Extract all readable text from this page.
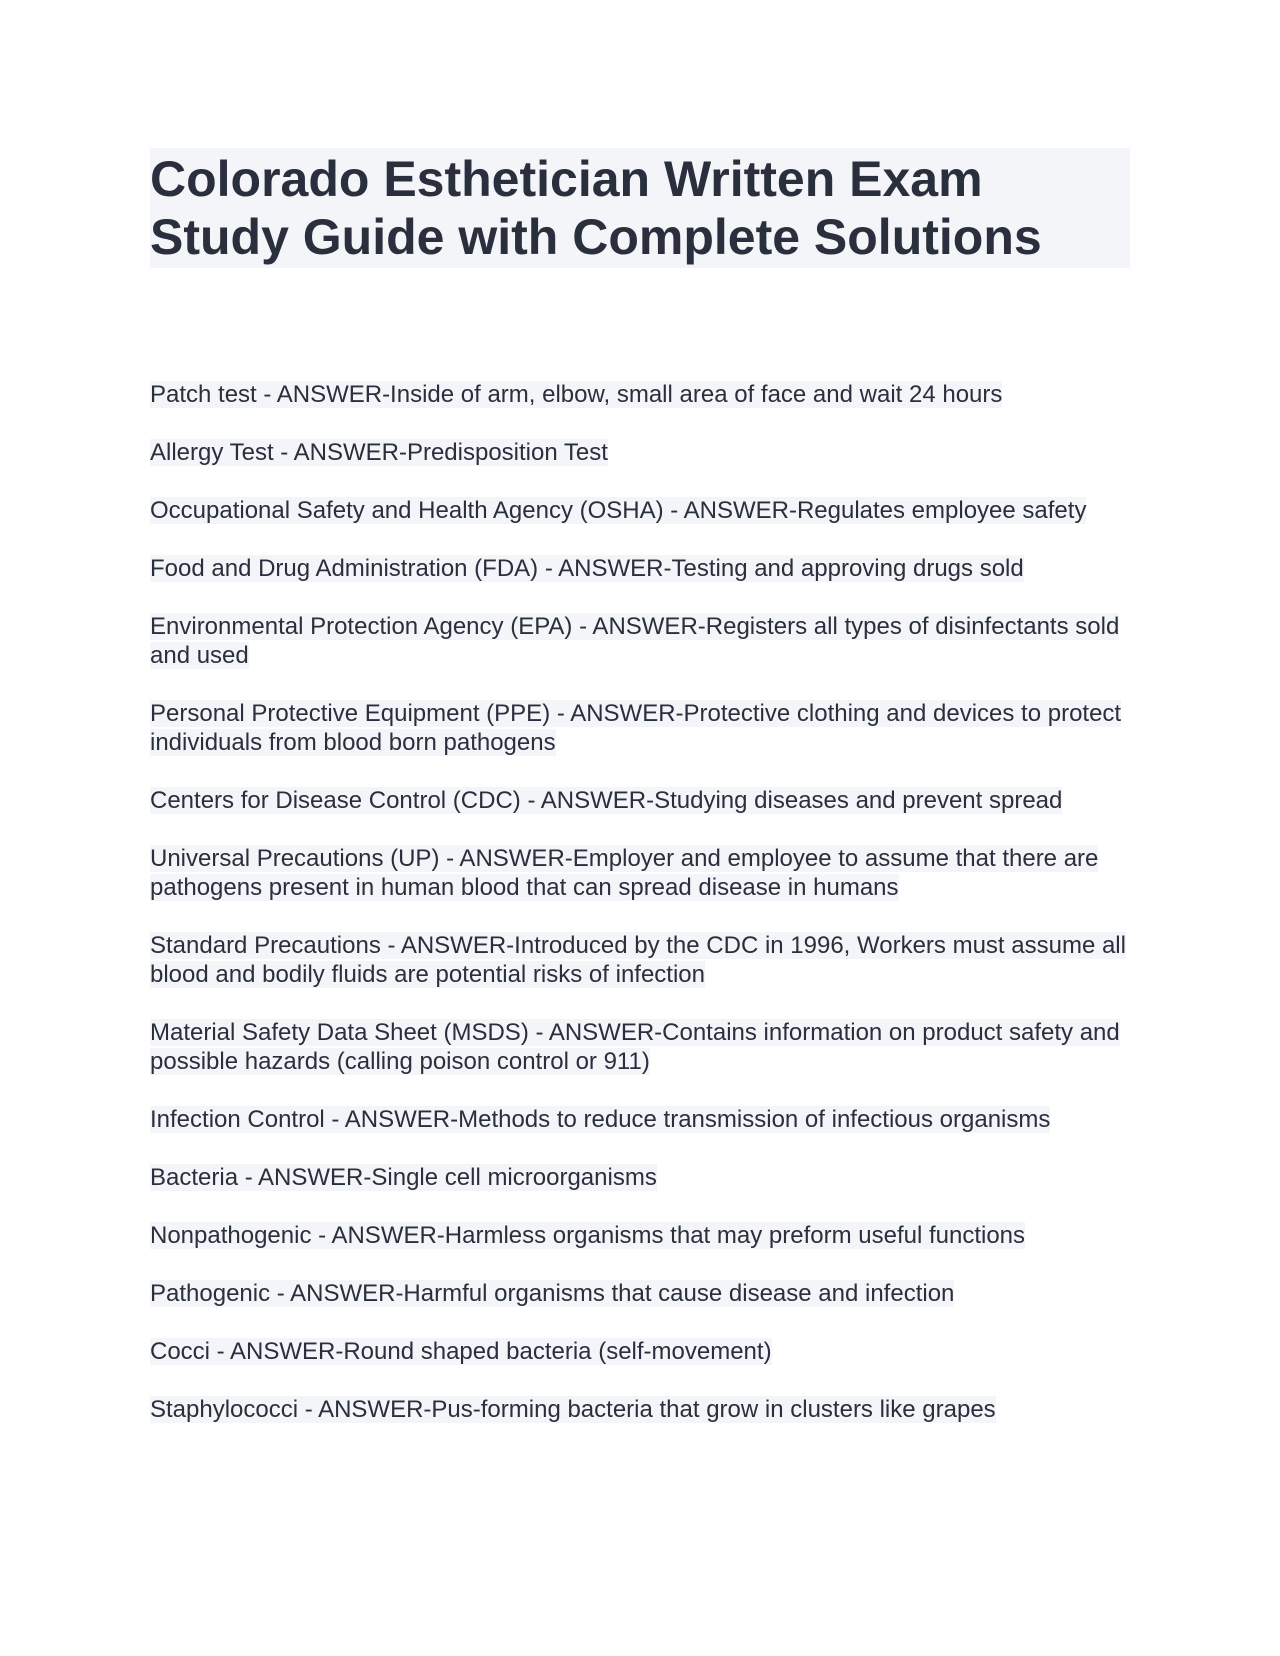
Colorado Esthetician Written Exam
Study Guide with Complete Solutions

Patch test - ANSWER-Inside of arm, elbow, small area of face and wait 24 hours

Allergy Test - ANSWER-Predisposition Test

Occupational Safety and Health Agency (OSHA) - ANSWER-Regulates employee safety

Food and Drug Administration (FDA) - ANSWER-Testing and approving drugs sold

Environmental Protection Agency (EPA) - ANSWER-Registers all types of disinfectants sold and used

Personal Protective Equipment (PPE) - ANSWER-Protective clothing and devices to protect individuals from blood born pathogens

Centers for Disease Control (CDC) - ANSWER-Studying diseases and prevent spread

Universal Precautions (UP) - ANSWER-Employer and employee to assume that there are pathogens present in human blood that can spread disease in humans

Standard Precautions - ANSWER-Introduced by the CDC in 1996, Workers must assume all blood and bodily fluids are potential risks of infection

Material Safety Data Sheet (MSDS) - ANSWER-Contains information on product safety and possible hazards (calling poison control or 911)

Infection Control - ANSWER-Methods to reduce transmission of infectious organisms

Bacteria - ANSWER-Single cell microorganisms

Nonpathogenic - ANSWER-Harmless organisms that may preform useful functions

Pathogenic - ANSWER-Harmful organisms that cause disease and infection

Cocci - ANSWER-Round shaped bacteria (self-movement)

Staphylococci - ANSWER-Pus-forming bacteria that grow in clusters like grapes
